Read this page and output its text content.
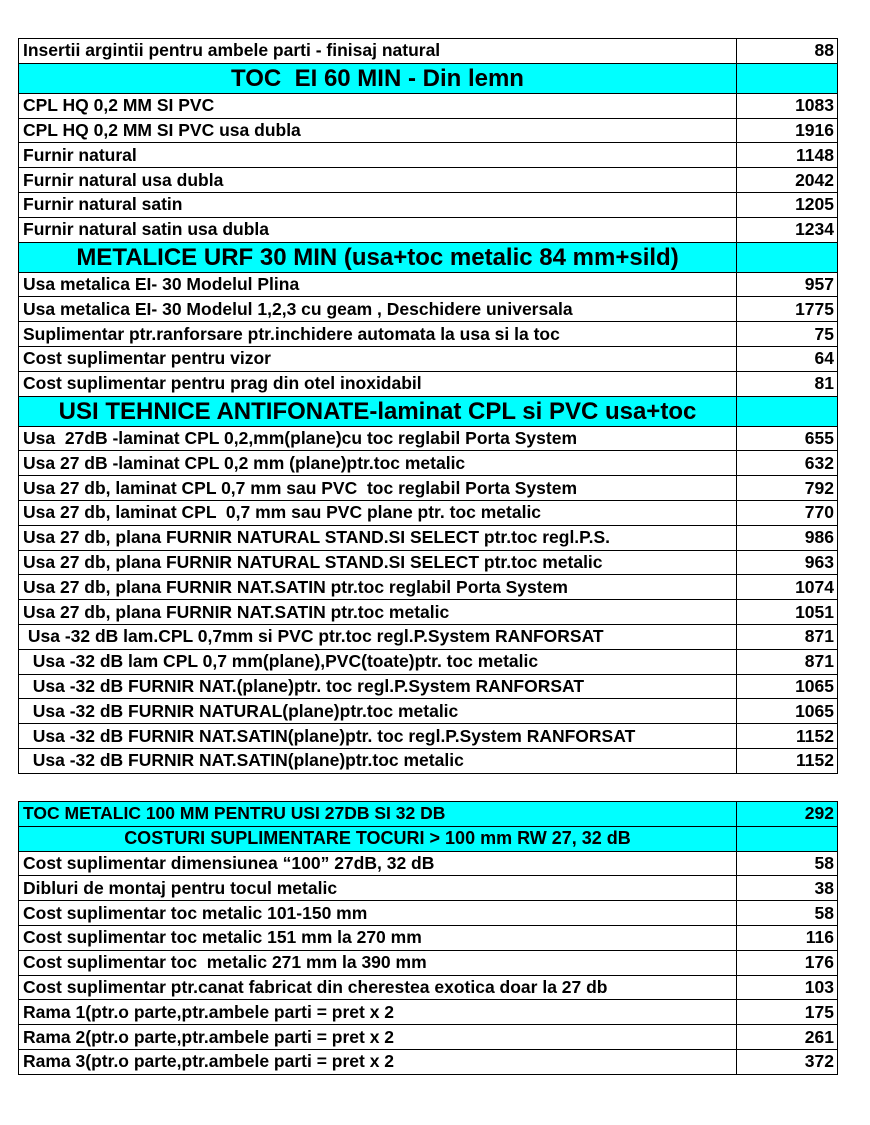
Insertii argintii pentru ambele parti - finisaj natural	88
TOC  EI 60 MIN - Din lemn	
CPL HQ 0,2 MM SI PVC	1083
CPL HQ 0,2 MM SI PVC usa dubla	1916
Furnir natural	1148
Furnir natural usa dubla	2042
Furnir natural satin	1205
Furnir natural satin usa dubla	1234
METALICE URF 30 MIN (usa+toc metalic 84 mm+sild)	
Usa metalica EI- 30 Modelul Plina	957
Usa metalica EI- 30 Modelul 1,2,3 cu geam , Deschidere universala	1775
Suplimentar ptr.ranforsare ptr.inchidere automata la usa si la toc	75
Cost suplimentar pentru vizor	64
Cost suplimentar pentru prag din otel inoxidabil	81
USI TEHNICE ANTIFONATE-laminat CPL si PVC usa+toc	
Usa  27dB -laminat CPL 0,2,mm(plane)cu toc reglabil Porta System	655
Usa 27 dB -laminat CPL 0,2 mm (plane)ptr.toc metalic	632
Usa 27 db, laminat CPL 0,7 mm sau PVC  toc reglabil Porta System	792
Usa 27 db, laminat CPL  0,7 mm sau PVC plane ptr. toc metalic	770
Usa 27 db, plana FURNIR NATURAL STAND.SI SELECT ptr.toc regl.P.S.	986
Usa 27 db, plana FURNIR NATURAL STAND.SI SELECT ptr.toc metalic	963
Usa 27 db, plana FURNIR NAT.SATIN ptr.toc reglabil Porta System	1074
Usa 27 db, plana FURNIR NAT.SATIN ptr.toc metalic	1051
Usa -32 dB lam.CPL 0,7mm si PVC ptr.toc regl.P.System RANFORSAT	871
Usa -32 dB lam CPL 0,7 mm(plane),PVC(toate)ptr. toc metalic	871
Usa -32 dB FURNIR NAT.(plane)ptr. toc regl.P.System RANFORSAT	1065
Usa -32 dB FURNIR NATURAL(plane)ptr.toc metalic	1065
Usa -32 dB FURNIR NAT.SATIN(plane)ptr. toc regl.P.System RANFORSAT	1152
Usa -32 dB FURNIR NAT.SATIN(plane)ptr.toc metalic	1152
TOC METALIC 100 MM PENTRU USI 27DB SI 32 DB	292
COSTURI SUPLIMENTARE TOCURI > 100 mm RW 27, 32 dB	
Cost suplimentar dimensiunea “100” 27dB, 32 dB	58
Dibluri de montaj pentru tocul metalic	38
Cost suplimentar toc metalic 101-150 mm	58
Cost suplimentar toc metalic 151 mm la 270 mm	116
Cost suplimentar toc  metalic 271 mm la 390 mm	176
Cost suplimentar ptr.canat fabricat din cherestea exotica doar la 27 db	103
Rama 1(ptr.o parte,ptr.ambele parti = pret x 2	175
Rama 2(ptr.o parte,ptr.ambele parti = pret x 2	261
Rama 3(ptr.o parte,ptr.ambele parti = pret x 2	372
